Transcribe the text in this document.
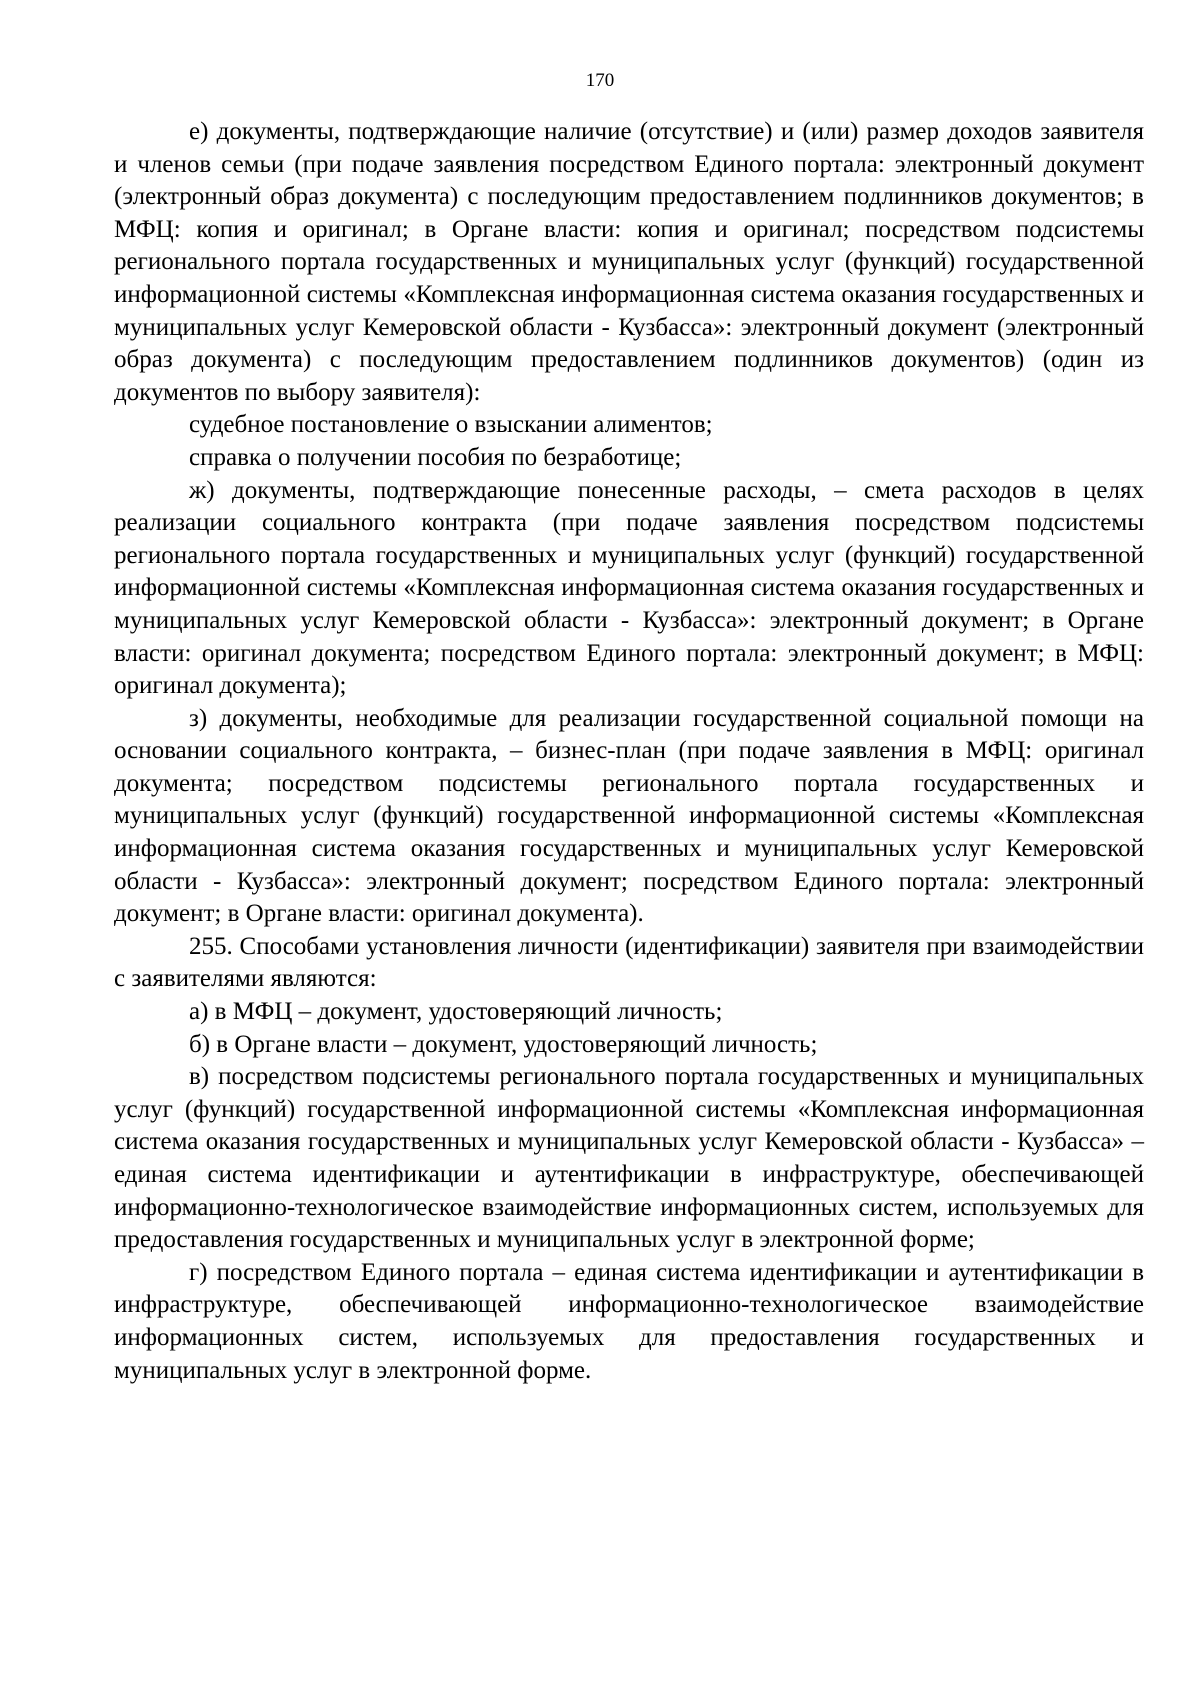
170

е) документы, подтверждающие наличие (отсутствие) и (или) размер доходов заявителя и членов семьи (при подаче заявления посредством Единого портала: электронный документ (электронный образ документа) с последующим предоставлением подлинников документов; в МФЦ: копия и оригинал; в Органе власти: копия и оригинал; посредством подсистемы регионального портала государственных и муниципальных услуг (функций) государственной информационной системы «Комплексная информационная система оказания государственных и муниципальных услуг Кемеровской области - Кузбасса»: электронный документ (электронный образ документа) с последующим предоставлением подлинников документов) (один из документов по выбору заявителя):

судебное постановление о взыскании алиментов;

справка о получении пособия по безработице;

ж) документы, подтверждающие понесенные расходы, – смета расходов в целях реализации социального контракта (при подаче заявления посредством подсистемы регионального портала государственных и муниципальных услуг (функций) государственной информационной системы «Комплексная информационная система оказания государственных и муниципальных услуг Кемеровской области - Кузбасса»: электронный документ; в Органе власти: оригинал документа; посредством Единого портала: электронный документ; в МФЦ: оригинал документа);

з) документы, необходимые для реализации государственной социальной помощи на основании социального контракта, – бизнес-план (при подаче заявления в МФЦ: оригинал документа; посредством подсистемы регионального портала государственных и муниципальных услуг (функций) государственной информационной системы «Комплексная информационная система оказания государственных и муниципальных услуг Кемеровской области - Кузбасса»: электронный документ; посредством Единого портала: электронный документ; в Органе власти: оригинал документа).

255. Способами установления личности (идентификации) заявителя при взаимодействии с заявителями являются:

а) в МФЦ – документ, удостоверяющий личность;

б) в Органе власти – документ, удостоверяющий личность;

в) посредством подсистемы регионального портала государственных и муниципальных услуг (функций) государственной информационной системы «Комплексная информационная система оказания государственных и муниципальных услуг Кемеровской области - Кузбасса» – единая система идентификации и аутентификации в инфраструктуре, обеспечивающей информационно-технологическое взаимодействие информационных систем, используемых для предоставления государственных и муниципальных услуг в электронной форме;

г) посредством Единого портала – единая система идентификации и аутентификации в инфраструктуре, обеспечивающей информационно-технологическое взаимодействие информационных систем, используемых для предоставления государственных и муниципальных услуг в электронной форме.
